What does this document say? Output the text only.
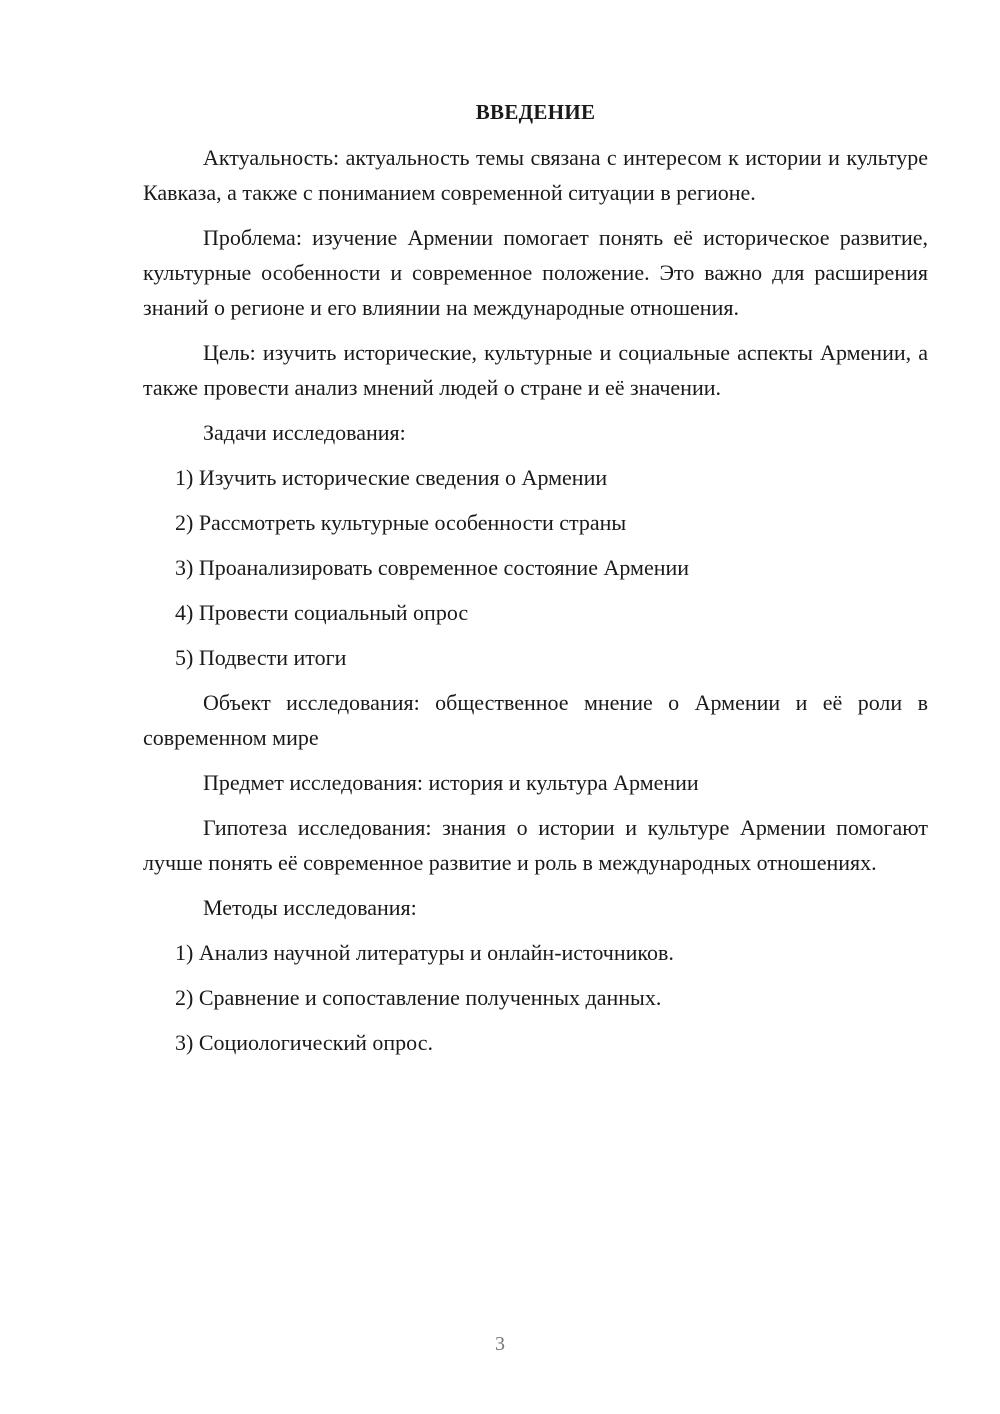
ВВЕДЕНИЕ

Актуальность: актуальность темы связана с интересом к истории и культуре Кавказа, а также с пониманием современной ситуации в регионе.

Проблема: изучение Армении помогает понять её историческое развитие, культурные особенности и современное положение. Это важно для расширения знаний о регионе и его влиянии на международные отношения.

Цель: изучить исторические, культурные и социальные аспекты Армении, а также провести анализ мнений людей о стране и её значении.

Задачи исследования:

1) Изучить исторические сведения о Армении
2) Рассмотреть культурные особенности страны
3) Проанализировать современное состояние Армении
4) Провести социальный опрос
5) Подвести итоги

Объект исследования: общественное мнение о Армении и её роли в современном мире

Предмет исследования: история и культура Армении

Гипотеза исследования: знания о истории и культуре Армении помогают лучше понять её современное развитие и роль в международных отношениях.

Методы исследования:

1) Анализ научной литературы и онлайн-источников.
2) Сравнение и сопоставление полученных данных.
3) Социологический опрос.
3
